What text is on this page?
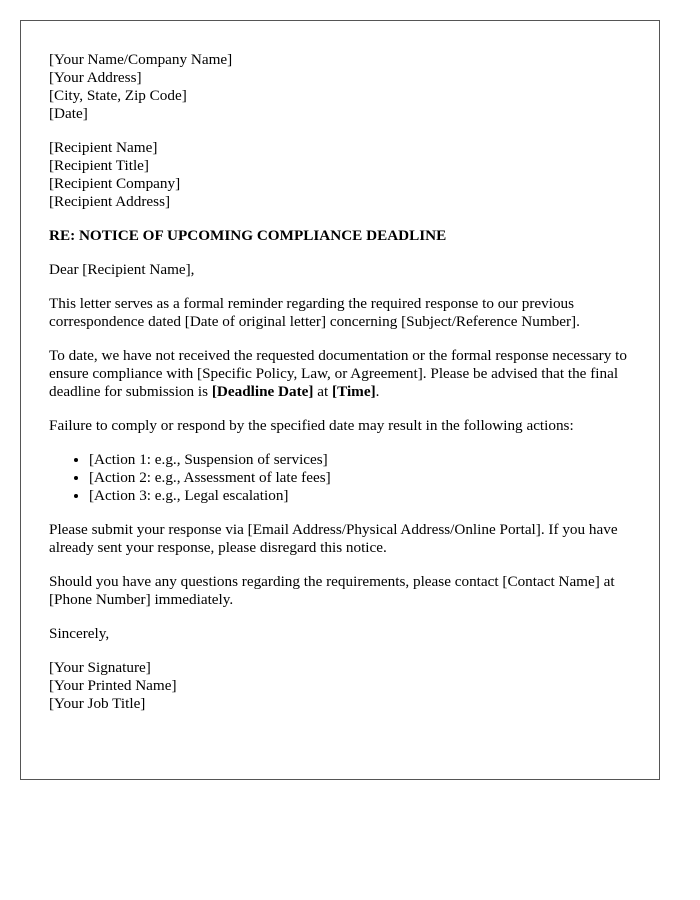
[Your Name/Company Name]
[Your Address]
[City, State, Zip Code]
[Date]
[Recipient Name]
[Recipient Title]
[Recipient Company]
[Recipient Address]
RE: NOTICE OF UPCOMING COMPLIANCE DEADLINE

Dear [Recipient Name],

This letter serves as a formal reminder regarding the required response to our previous correspondence dated [Date of original letter] concerning [Subject/Reference Number].

To date, we have not received the requested documentation or the formal response necessary to ensure compliance with [Specific Policy, Law, or Agreement]. Please be advised that the final deadline for submission is [Deadline Date] at [Time].

Failure to comply or respond by the specified date may result in the following actions:

• [Action 1: e.g., Suspension of services]
• [Action 2: e.g., Assessment of late fees]
• [Action 3: e.g., Legal escalation]

Please submit your response via [Email Address/Physical Address/Online Portal]. If you have already sent your response, please disregard this notice.

Should you have any questions regarding the requirements, please contact [Contact Name] at [Phone Number] immediately.

Sincerely,

[Your Signature]
[Your Printed Name]
[Your Job Title]
